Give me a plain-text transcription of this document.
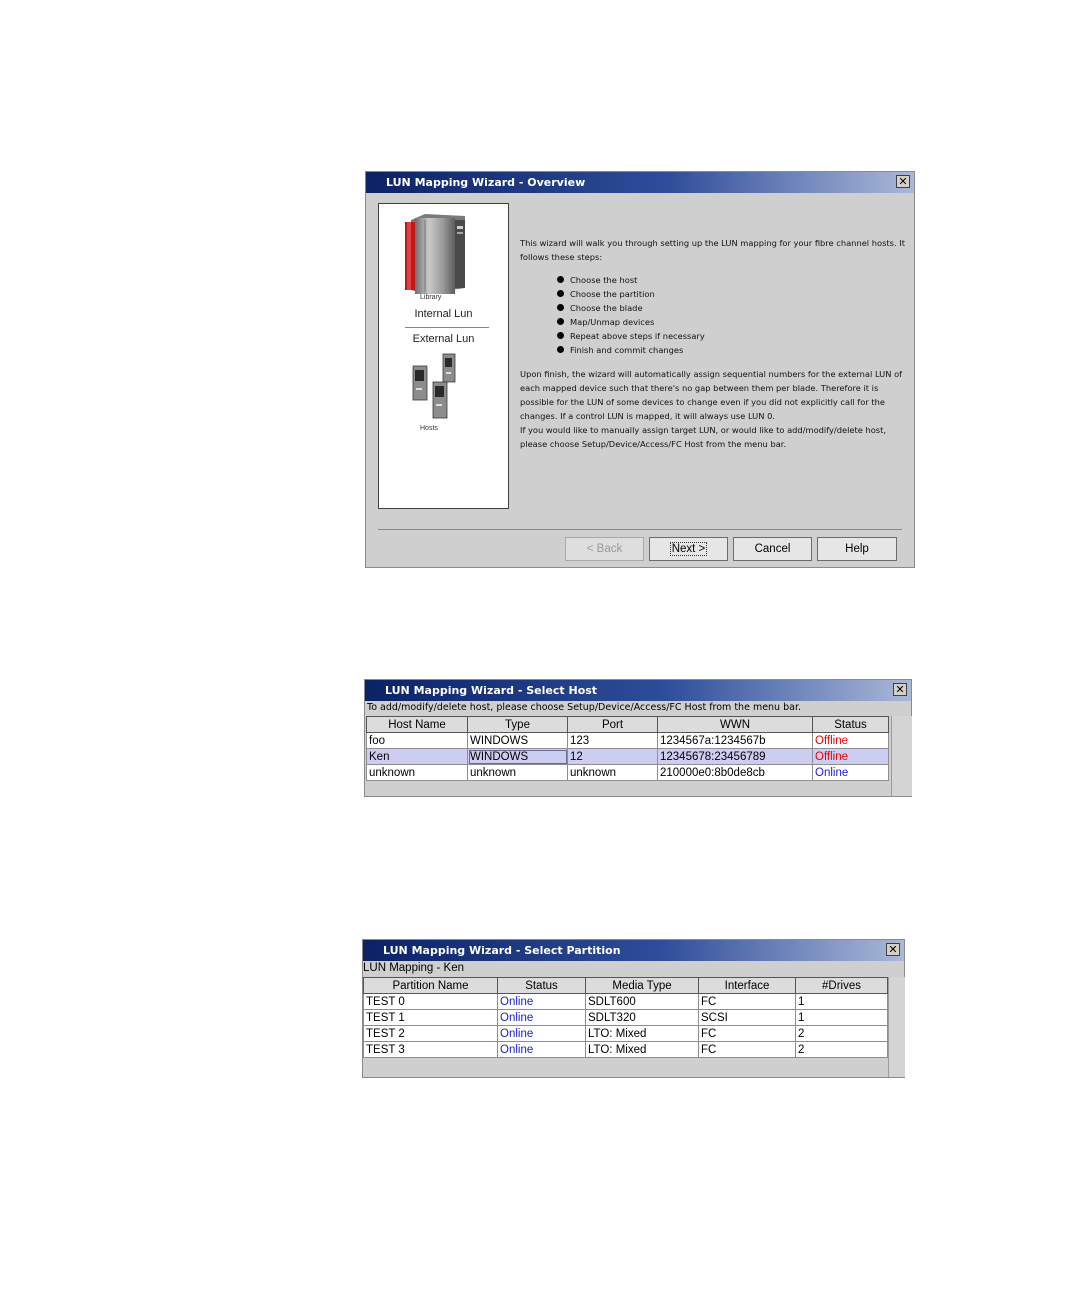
LUN Mapping Wizard - Overview	✕
Library
Internal Lun
External Lun
Hosts

This wizard will walk you through setting up the LUN mapping for your fibre channel hosts. It follows these steps:

Choose the host
Choose the partition
Choose the blade
Map/Unmap devices
Repeat above steps if necessary
Finish and commit changes

Upon finish, the wizard will automatically assign sequential numbers for the external LUN of each mapped device such that there's no gap between them per blade. Therefore it is possible for the LUN of some devices to change even if you did not explicitly call for the changes. If a control LUN is mapped, it will always use LUN 0.

If you would like to manually assign target LUN, or would like to add/modify/delete host, please choose Setup/Device/Access/FC Host from the menu bar.

< Back	Next >	Cancel	Help
LUN Mapping Wizard - Select Host	✕
To add/modify/delete host, please choose Setup/Device/Access/FC Host from the menu bar.
Host Name	Type	Port	WWN	Status
foo	WINDOWS	123	1234567a:1234567b	Offline
Ken	WINDOWS	12	12345678:23456789	Offline
unknown	unknown	unknown	210000e0:8b0de8cb	Online
LUN Mapping Wizard - Select Partition	✕
LUN Mapping - Ken
Partition Name	Status	Media Type	Interface	#Drives
TEST 0	Online	SDLT600	FC	1
TEST 1	Online	SDLT320	SCSI	1
TEST 2	Online	LTO: Mixed	FC	2
TEST 3	Online	LTO: Mixed	FC	2
